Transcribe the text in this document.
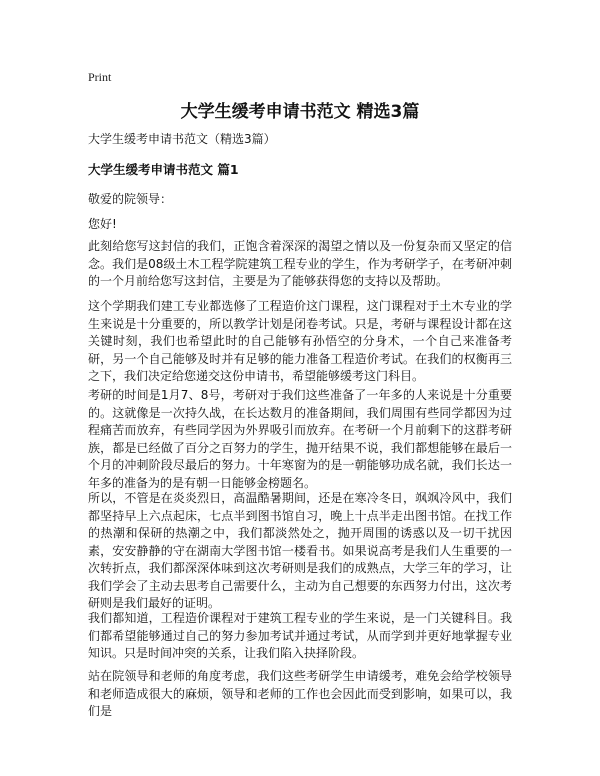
Print
大学生缓考申请书范文 精选3篇

大学生缓考申请书范文（精选3篇）

大学生缓考申请书范文 篇1

敬爱的院领导：

您好!

此刻给您写这封信的我们，正饱含着深深的渴望之情以及一份复杂而又坚定的信念。我们是08级土木工程学院建筑工程专业的学生，作为考研学子，在考研冲刺的一个月前给您写这封信，主要是为了能够获得您的支持以及帮助。

这个学期我们建工专业都选修了工程造价这门课程，这门课程对于土木专业的学生来说是十分重要的，所以教学计划是闭卷考试。只是，考研与课程设计都在这关键时刻，我们也希望此时的自己能够有孙悟空的分身术，一个自己来准备考研，另一个自己能够及时并有足够的能力准备工程造价考试。在我们的权衡再三之下，我们决定给您递交这份申请书，希望能够缓考这门科目。

考研的时间是1月7、8号，考研对于我们这些准备了一年多的人来说是十分重要的。这就像是一次持久战，在长达数月的准备期间，我们周围有些同学都因为过程痛苦而放弃，有些同学因为外界吸引而放弃。在考研一个月前剩下的这群考研族，都是已经做了百分之百努力的学生，抛开结果不说，我们都想能够在最后一个月的冲刺阶段尽最后的努力。十年寒窗为的是一朝能够功成名就，我们长达一年多的准备为的是有朝一日能够金榜题名。

所以，不管是在炎炎烈日，高温酷暑期间，还是在寒冷冬日，飒飒冷风中，我们都坚持早上六点起床，七点半到图书馆自习，晚上十点半走出图书馆。在找工作的热潮和保研的热潮之中，我们都淡然处之，抛开周围的诱惑以及一切干扰因素，安安静静的守在湖南大学图书馆一楼看书。如果说高考是我们人生重要的一次转折点，我们都深深体味到这次考研则是我们的成熟点，大学三年的学习，让我们学会了主动去思考自己需要什么，主动为自己想要的东西努力付出，这次考研则是我们最好的证明。

我们都知道，工程造价课程对于建筑工程专业的学生来说，是一门关键科目。我们都希望能够通过自己的努力参加考试并通过考试，从而学到并更好地掌握专业知识。只是时间冲突的关系，让我们陷入抉择阶段。

站在院领导和老师的角度考虑，我们这些考研学生申请缓考，难免会给学校领导和老师造成很大的麻烦，领导和老师的工作也会因此而受到影响，如果可以，我们是
